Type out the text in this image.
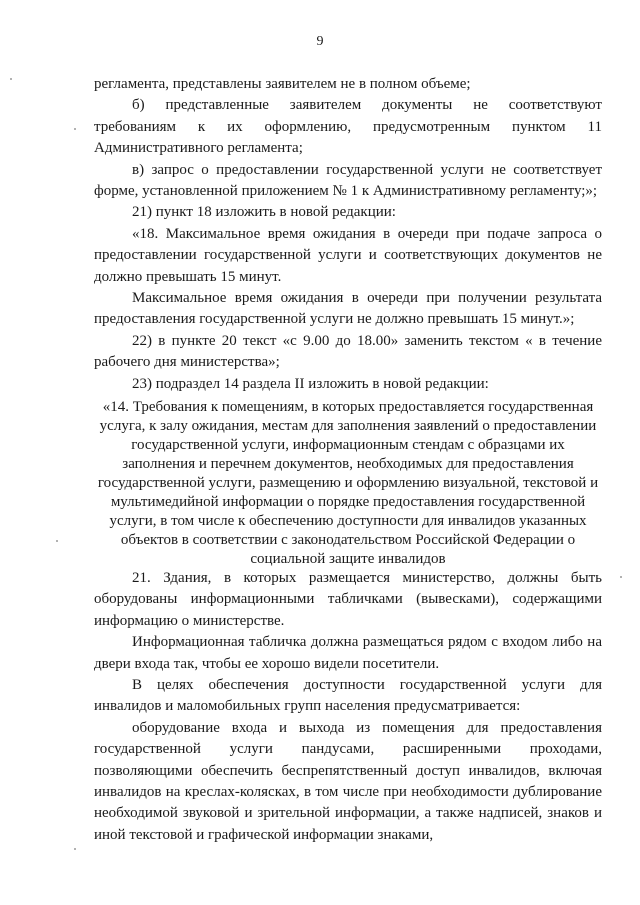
9

регламента, представлены заявителем не в полном объеме;

б) представленные заявителем документы не соответствуют требованиям к их оформлению, предусмотренным пунктом 11 Административного регламента;

в) запрос о предоставлении государственной услуги не соответствует форме, установленной приложением № 1 к Административному регламенту;»;

21) пункт 18 изложить в новой редакции:

«18. Максимальное время ожидания в очереди при подаче запроса о предоставлении государственной услуги и соответствующих документов не должно превышать 15 минут.

Максимальное время ожидания в очереди при получении результата предоставления государственной услуги не должно превышать 15 минут.»;

22) в пункте 20 текст «с 9.00 до 18.00» заменить текстом « в течение рабочего дня министерства»;

23) подраздел 14 раздела II изложить в новой редакции:

«14. Требования к помещениям, в которых предоставляется государственная услуга, к залу ожидания, местам для заполнения заявлений о предоставлении государственной услуги, информационным стендам с образцами их заполнения и перечнем документов, необходимых для предоставления государственной услуги, размещению и оформлению визуальной, текстовой и мультимедийной информации о порядке предоставления государственной услуги, в том числе к обеспечению доступности для инвалидов указанных объектов в соответствии с законодательством Российской Федерации о социальной защите инвалидов

21. Здания, в которых размещается министерство, должны быть оборудованы информационными табличками (вывесками), содержащими информацию о министерстве.

Информационная табличка должна размещаться рядом с входом либо на двери входа так, чтобы ее хорошо видели посетители.

В целях обеспечения доступности государственной услуги для инвалидов и маломобильных групп населения предусматривается:

оборудование входа и выхода из помещения для предоставления государственной услуги пандусами, расширенными проходами, позволяющими обеспечить беспрепятственный доступ инвалидов, включая инвалидов на креслах-колясках, в том числе при необходимости дублирование необходимой звуковой и зрительной информации, а также надписей, знаков и иной текстовой и графической информации знаками,
